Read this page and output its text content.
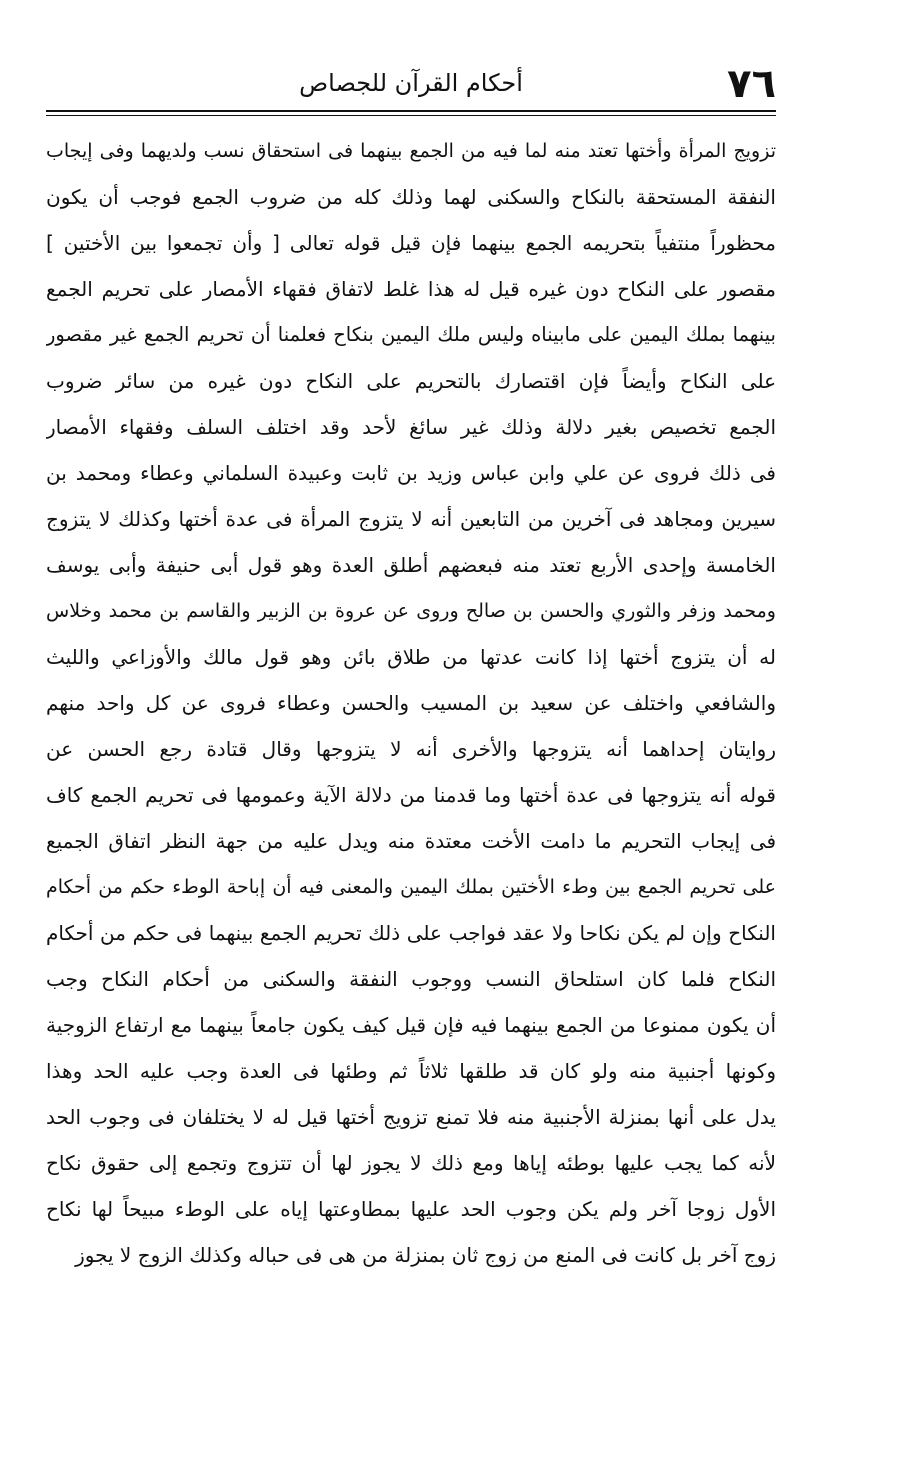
٧٦
أحكام القرآن للجصاص
تزويج المرأة وأختها تعتد منه لما فيه من الجمع بينهما فى استحقاق نسب ولديهما وفى إيجاب
النفقة المستحقة بالنكاح والسكنى لهما وذلك كله من ضروب الجمع فوجب أن يكون
محظوراً منتفياً بتحريمه الجمع بينهما فإن قيل قوله تعالى [ وأن تجمعوا بين الأختين ]
مقصور على النكاح دون غيره قيل له هذا غلط لاتفاق فقهاء الأمصار على تحريم الجمع
بينهما بملك اليمين على مابيناه وليس ملك اليمين بنكاح فعلمنا أن تحريم الجمع غير مقصور
على النكاح وأيضاً فإن اقتصارك بالتحريم على النكاح دون غيره من سائر ضروب
الجمع تخصيص بغير دلالة وذلك غير سائغ لأحد وقد اختلف السلف وفقهاء الأمصار
فى ذلك فروى عن علي وابن عباس وزيد بن ثابت وعبيدة السلماني وعطاء ومحمد بن
سيرين ومجاهد فى آخرين من التابعين أنه لا يتزوج المرأة فى عدة أختها وكذلك لا يتزوج
الخامسة وإحدى الأربع تعتد منه فبعضهم أطلق العدة وهو قول أبى حنيفة وأبى يوسف
ومحمد وزفر والثوري والحسن بن صالح وروى عن عروة بن الزبير والقاسم بن محمد وخلاس
له أن يتزوج أختها إذا كانت عدتها من طلاق بائن وهو قول مالك والأوزاعي والليث
والشافعي واختلف عن سعيد بن المسيب والحسن وعطاء فروى عن كل واحد منهم
روايتان إحداهما أنه يتزوجها والأخرى أنه لا يتزوجها وقال قتادة رجع الحسن عن
قوله أنه يتزوجها فى عدة أختها وما قدمنا من دلالة الآية وعمومها فى تحريم الجمع كاف
فى إيجاب التحريم ما دامت الأخت معتدة منه ويدل عليه من جهة النظر اتفاق الجميع
على تحريم الجمع بين وطء الأختين بملك اليمين والمعنى فيه أن إباحة الوطء حكم من أحكام
النكاح وإن لم يكن نكاحا ولا عقد فواجب على ذلك تحريم الجمع بينهما فى حكم من أحكام
النكاح فلما كان استلحاق النسب ووجوب النفقة والسكنى من أحكام النكاح وجب
أن يكون ممنوعا من الجمع بينهما فيه فإن قيل كيف يكون جامعاً بينهما مع ارتفاع الزوجية
وكونها أجنبية منه ولو كان قد طلقها ثلاثاً ثم وطئها فى العدة وجب عليه الحد وهذا
يدل على أنها بمنزلة الأجنبية منه فلا تمنع تزويج أختها قيل له لا يختلفان فى وجوب الحد
لأنه كما يجب عليها بوطئه إياها ومع ذلك لا يجوز لها أن تتزوج وتجمع إلى حقوق نكاح
الأول زوجا آخر ولم يكن وجوب الحد عليها بمطاوعتها إياه على الوطء مبيحاً لها نكاح
زوج آخر بل كانت فى المنع من زوج ثان بمنزلة من هى فى حباله وكذلك الزوج لا يجوز
